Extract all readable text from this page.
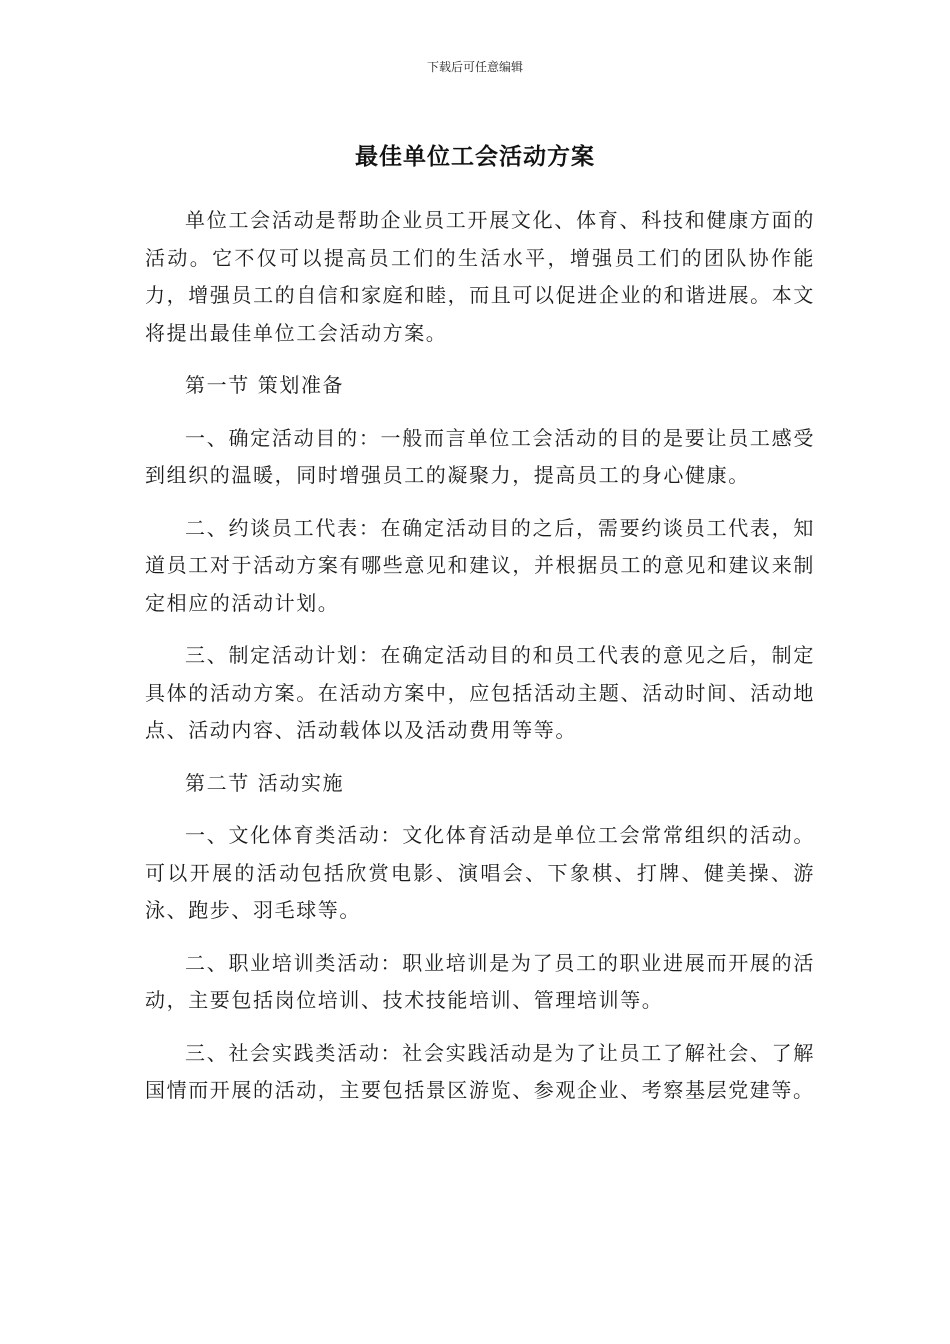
下载后可任意编辑
最佳单位工会活动方案

单位工会活动是帮助企业员工开展文化、体育、科技和健康方面的活动。它不仅可以提高员工们的生活水平，增强员工们的团队协作能力，增强员工的自信和家庭和睦，而且可以促进企业的和谐进展。本文将提出最佳单位工会活动方案。

第一节 策划准备

一、确定活动目的：一般而言单位工会活动的目的是要让员工感受到组织的温暖，同时增强员工的凝聚力，提高员工的身心健康。

二、约谈员工代表：在确定活动目的之后，需要约谈员工代表，知道员工对于活动方案有哪些意见和建议，并根据员工的意见和建议来制定相应的活动计划。

三、制定活动计划：在确定活动目的和员工代表的意见之后，制定具体的活动方案。在活动方案中，应包括活动主题、活动时间、活动地点、活动内容、活动载体以及活动费用等等。

第二节 活动实施

一、文化体育类活动：文化体育活动是单位工会常常组织的活动。可以开展的活动包括欣赏电影、演唱会、下象棋、打牌、健美操、游泳、跑步、羽毛球等。

二、职业培训类活动：职业培训是为了员工的职业进展而开展的活动，主要包括岗位培训、技术技能培训、管理培训等。

三、社会实践类活动：社会实践活动是为了让员工了解社会、了解国情而开展的活动，主要包括景区游览、参观企业、考察基层党建等。
